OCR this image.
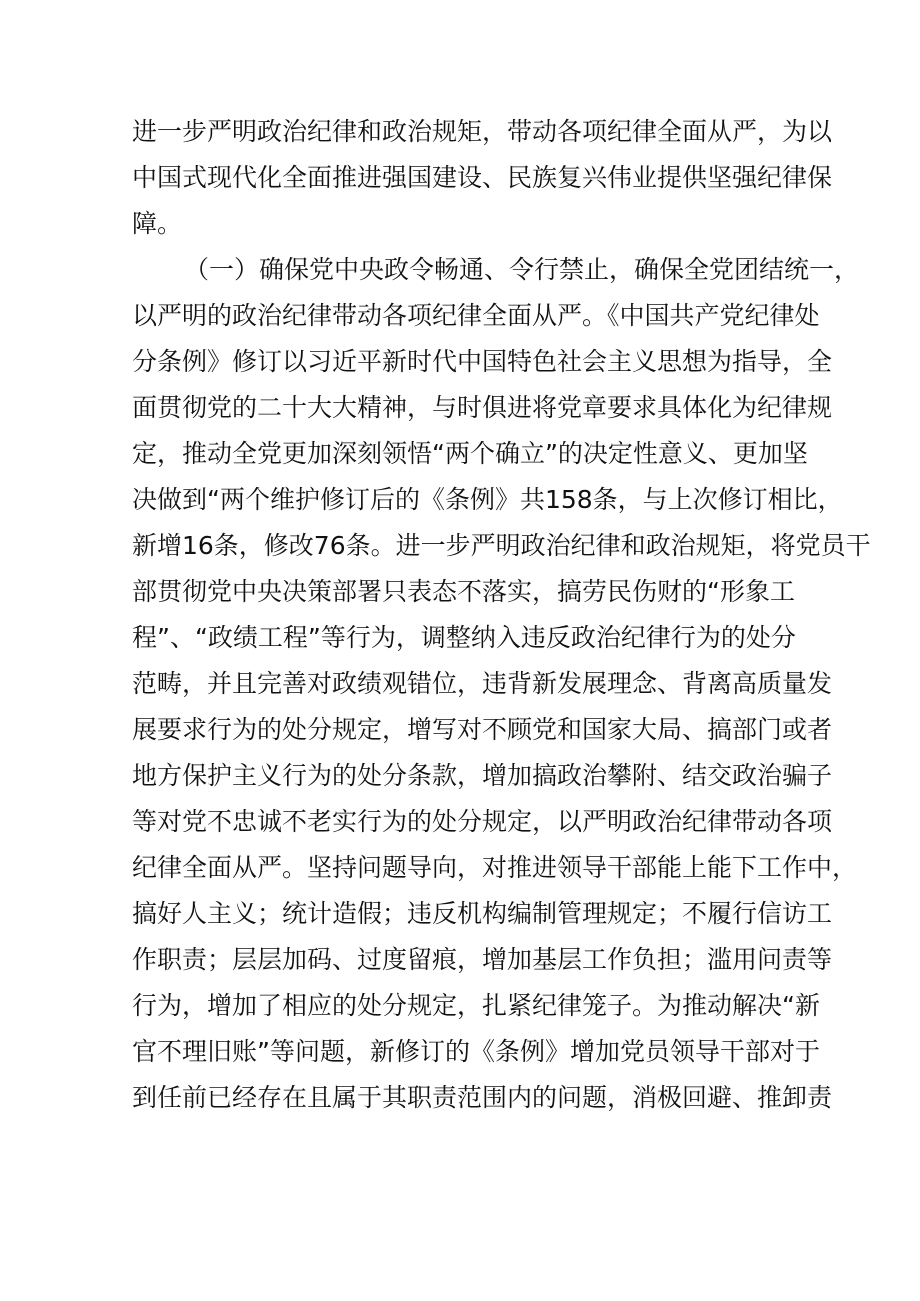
进一步严明政治纪律和政治规矩，带动各项纪律全面从严，为以
中国式现代化全面推进强国建设、民族复兴伟业提供坚强纪律保
障。
（一）确保党中央政令畅通、令行禁止，确保全党团结统一，
以严明的政治纪律带动各项纪律全面从严。《中国共产党纪律处
分条例》修订以习近平新时代中国特色社会主义思想为指导，全
面贯彻党的二十大大精神，与时俱进将党章要求具体化为纪律规
定，推动全党更加深刻领悟“两个确立”的决定性意义、更加坚
决做到“两个维护修订后的《条例》共158条，与上次修订相比，
新增16条，修改76条。进一步严明政治纪律和政治规矩，将党员干
部贯彻党中央决策部署只表态不落实，搞劳民伤财的“形象工
程”、“政绩工程”等行为，调整纳入违反政治纪律行为的处分
范畴，并且完善对政绩观错位，违背新发展理念、背离高质量发
展要求行为的处分规定，增写对不顾党和国家大局、搞部门或者
地方保护主义行为的处分条款，增加搞政治攀附、结交政治骗子
等对党不忠诚不老实行为的处分规定，以严明政治纪律带动各项
纪律全面从严。坚持问题导向，对推进领导干部能上能下工作中，
搞好人主义；统计造假；违反机构编制管理规定；不履行信访工
作职责；层层加码、过度留痕，增加基层工作负担；滥用问责等
行为，增加了相应的处分规定，扎紧纪律笼子。为推动解决“新
官不理旧账”等问题，新修订的《条例》增加党员领导干部对于
到任前已经存在且属于其职责范围内的问题，消极回避、推卸责
